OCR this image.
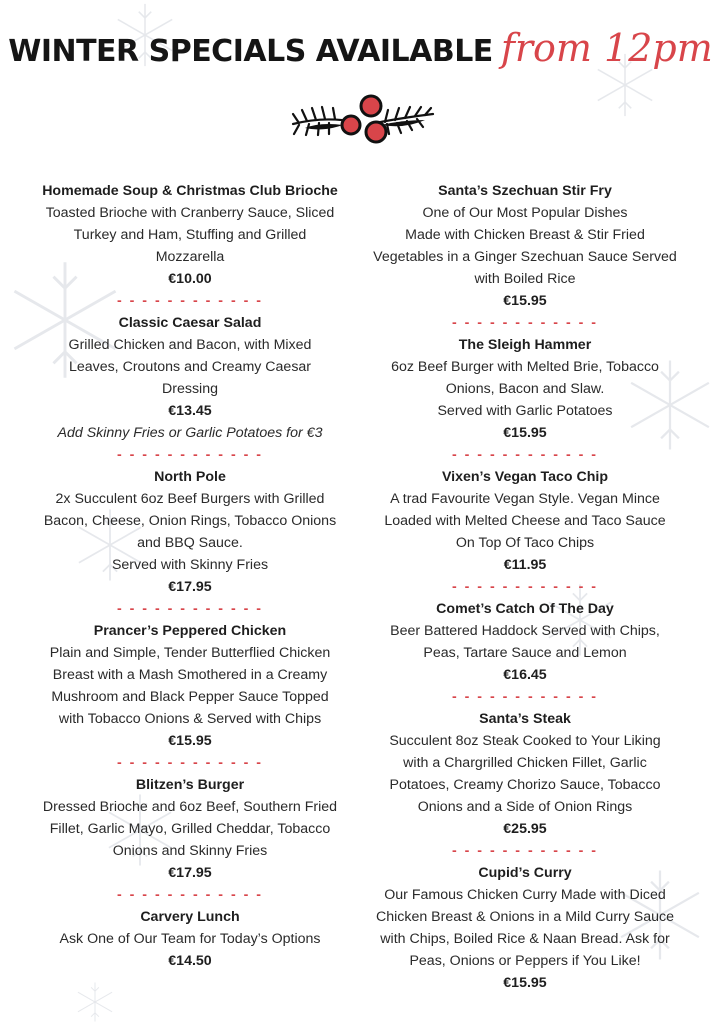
WINTER SPECIALS AVAILABLE from 12pm
Homemade Soup & Christmas Club Brioche
Toasted Brioche with Cranberry Sauce, Sliced
Turkey and Ham, Stuffing and Grilled
Mozzarella
€10.00
- - - - - - - - - - - -
Classic Caesar Salad
Grilled Chicken and Bacon, with Mixed
Leaves, Croutons and Creamy Caesar
Dressing
€13.45
Add Skinny Fries or Garlic Potatoes for €3
- - - - - - - - - - - -
North Pole
2x Succulent 6oz Beef Burgers with Grilled
Bacon, Cheese, Onion Rings, Tobacco Onions
and BBQ Sauce.
Served with Skinny Fries
€17.95
- - - - - - - - - - - -
Prancer’s Peppered Chicken
Plain and Simple, Tender Butterflied Chicken
Breast with a Mash Smothered in a Creamy
Mushroom and Black Pepper Sauce Topped
with Tobacco Onions & Served with Chips
€15.95
- - - - - - - - - - - -
Blitzen’s Burger
Dressed Brioche and 6oz Beef, Southern Fried
Fillet, Garlic Mayo, Grilled Cheddar, Tobacco
Onions and Skinny Fries
€17.95
- - - - - - - - - - - -
Carvery Lunch
Ask One of Our Team for Today’s Options
€14.50
Santa’s Szechuan Stir Fry
One of Our Most Popular Dishes
Made with Chicken Breast & Stir Fried
Vegetables in a Ginger Szechuan Sauce Served
with Boiled Rice
€15.95
- - - - - - - - - - - -
The Sleigh Hammer
6oz Beef Burger with Melted Brie, Tobacco
Onions, Bacon and Slaw.
Served with Garlic Potatoes
€15.95
- - - - - - - - - - - -
Vixen’s Vegan Taco Chip
A trad Favourite Vegan Style. Vegan Mince
Loaded with Melted Cheese and Taco Sauce
On Top Of Taco Chips
€11.95
- - - - - - - - - - - -
Comet’s Catch Of The Day
Beer Battered Haddock Served with Chips,
Peas, Tartare Sauce and Lemon
€16.45
- - - - - - - - - - - -
Santa’s Steak
Succulent 8oz Steak Cooked to Your Liking
with a Chargrilled Chicken Fillet, Garlic
Potatoes, Creamy Chorizo Sauce, Tobacco
Onions and a Side of Onion Rings
€25.95
- - - - - - - - - - - -
Cupid’s Curry
Our Famous Chicken Curry Made with Diced
Chicken Breast & Onions in a Mild Curry Sauce
with Chips, Boiled Rice & Naan Bread. Ask for
Peas, Onions or Peppers if You Like!
€15.95
